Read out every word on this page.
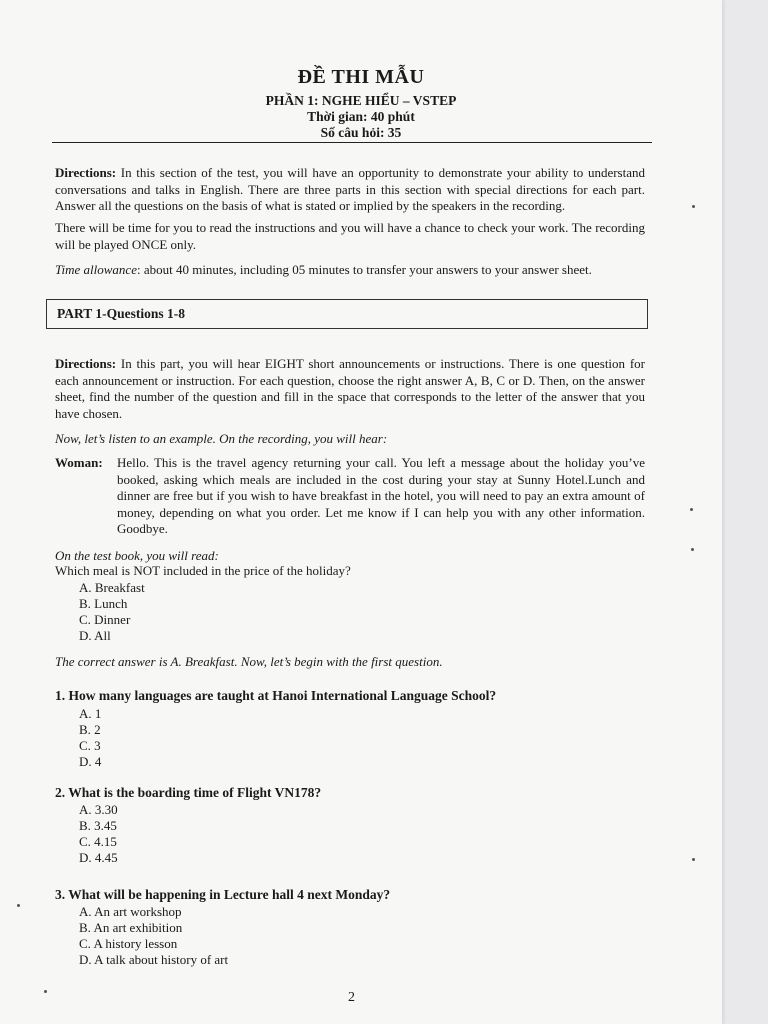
ĐỀ THI MẪU
PHẦN 1: NGHE HIỂU – VSTEP
Thời gian: 40 phút
Số câu hỏi: 35
Directions: In this section of the test, you will have an opportunity to demonstrate your ability to understand conversations and talks in English. There are three parts in this section with special directions for each part. Answer all the questions on the basis of what is stated or implied by the speakers in the recording.
There will be time for you to read the instructions and you will have a chance to check your work. The recording will be played ONCE only.
Time allowance: about 40 minutes, including 05 minutes to transfer your answers to your answer sheet.
PART 1-Questions 1-8
Directions: In this part, you will hear EIGHT short announcements or instructions. There is one question for each announcement or instruction. For each question, choose the right answer A, B, C or D. Then, on the answer sheet, find the number of the question and fill in the space that corresponds to the letter of the answer that you have chosen.
Now, let’s listen to an example. On the recording, you will hear:
Woman: Hello. This is the travel agency returning your call. You left a message about the holiday you’ve booked, asking which meals are included in the cost during your stay at Sunny Hotel.Lunch and dinner are free but if you wish to have breakfast in the hotel, you will need to pay an extra amount of money, depending on what you order. Let me know if I can help you with any other information. Goodbye.
On the test book, you will read:
Which meal is NOT included in the price of the holiday?
A. Breakfast
B. Lunch
C. Dinner
D. All
The correct answer is A. Breakfast. Now, let’s begin with the first question.
1. How many languages are taught at Hanoi International Language School?
A. 1
B. 2
C. 3
D. 4
2. What is the boarding time of Flight VN178?
A. 3.30
B. 3.45
C. 4.15
D. 4.45
3. What will be happening in Lecture hall 4 next Monday?
A. An art workshop
B. An art exhibition
C. A history lesson
D. A talk about history of art
2
